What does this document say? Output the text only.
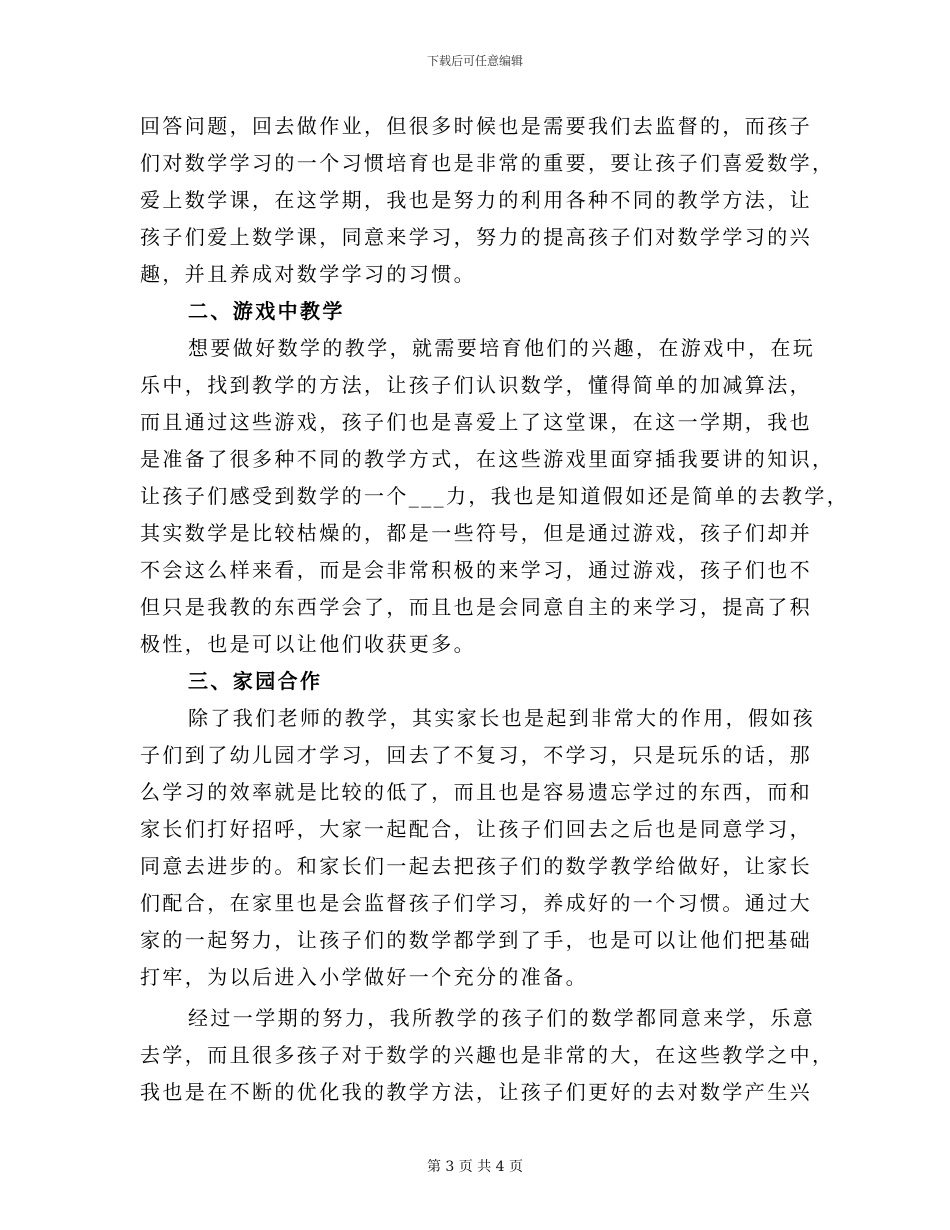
下载后可任意编辑
回答问题，回去做作业，但很多时候也是需要我们去监督的，而孩子
们对数学学习的一个习惯培育也是非常的重要，要让孩子们喜爱数学，
爱上数学课，在这学期，我也是努力的利用各种不同的教学方法，让
孩子们爱上数学课，同意来学习，努力的提高孩子们对数学学习的兴
趣，并且养成对数学学习的习惯。
二、游戏中教学
想要做好数学的教学，就需要培育他们的兴趣，在游戏中，在玩
乐中，找到教学的方法，让孩子们认识数学，懂得简单的加减算法，
而且通过这些游戏，孩子们也是喜爱上了这堂课，在这一学期，我也
是准备了很多种不同的教学方式，在这些游戏里面穿插我要讲的知识，
让孩子们感受到数学的一个___力，我也是知道假如还是简单的去教学，
其实数学是比较枯燥的，都是一些符号，但是通过游戏，孩子们却并
不会这么样来看，而是会非常积极的来学习，通过游戏，孩子们也不
但只是我教的东西学会了，而且也是会同意自主的来学习，提高了积
极性，也是可以让他们收获更多。
三、家园合作
除了我们老师的教学，其实家长也是起到非常大的作用，假如孩
子们到了幼儿园才学习，回去了不复习，不学习，只是玩乐的话，那
么学习的效率就是比较的低了，而且也是容易遗忘学过的东西，而和
家长们打好招呼，大家一起配合，让孩子们回去之后也是同意学习，
同意去进步的。和家长们一起去把孩子们的数学教学给做好，让家长
们配合，在家里也是会监督孩子们学习，养成好的一个习惯。通过大
家的一起努力，让孩子们的数学都学到了手，也是可以让他们把基础
打牢，为以后进入小学做好一个充分的准备。
经过一学期的努力，我所教学的孩子们的数学都同意来学，乐意
去学，而且很多孩子对于数学的兴趣也是非常的大，在这些教学之中，
我也是在不断的优化我的教学方法，让孩子们更好的去对数学产生兴
第 3 页 共 4 页
